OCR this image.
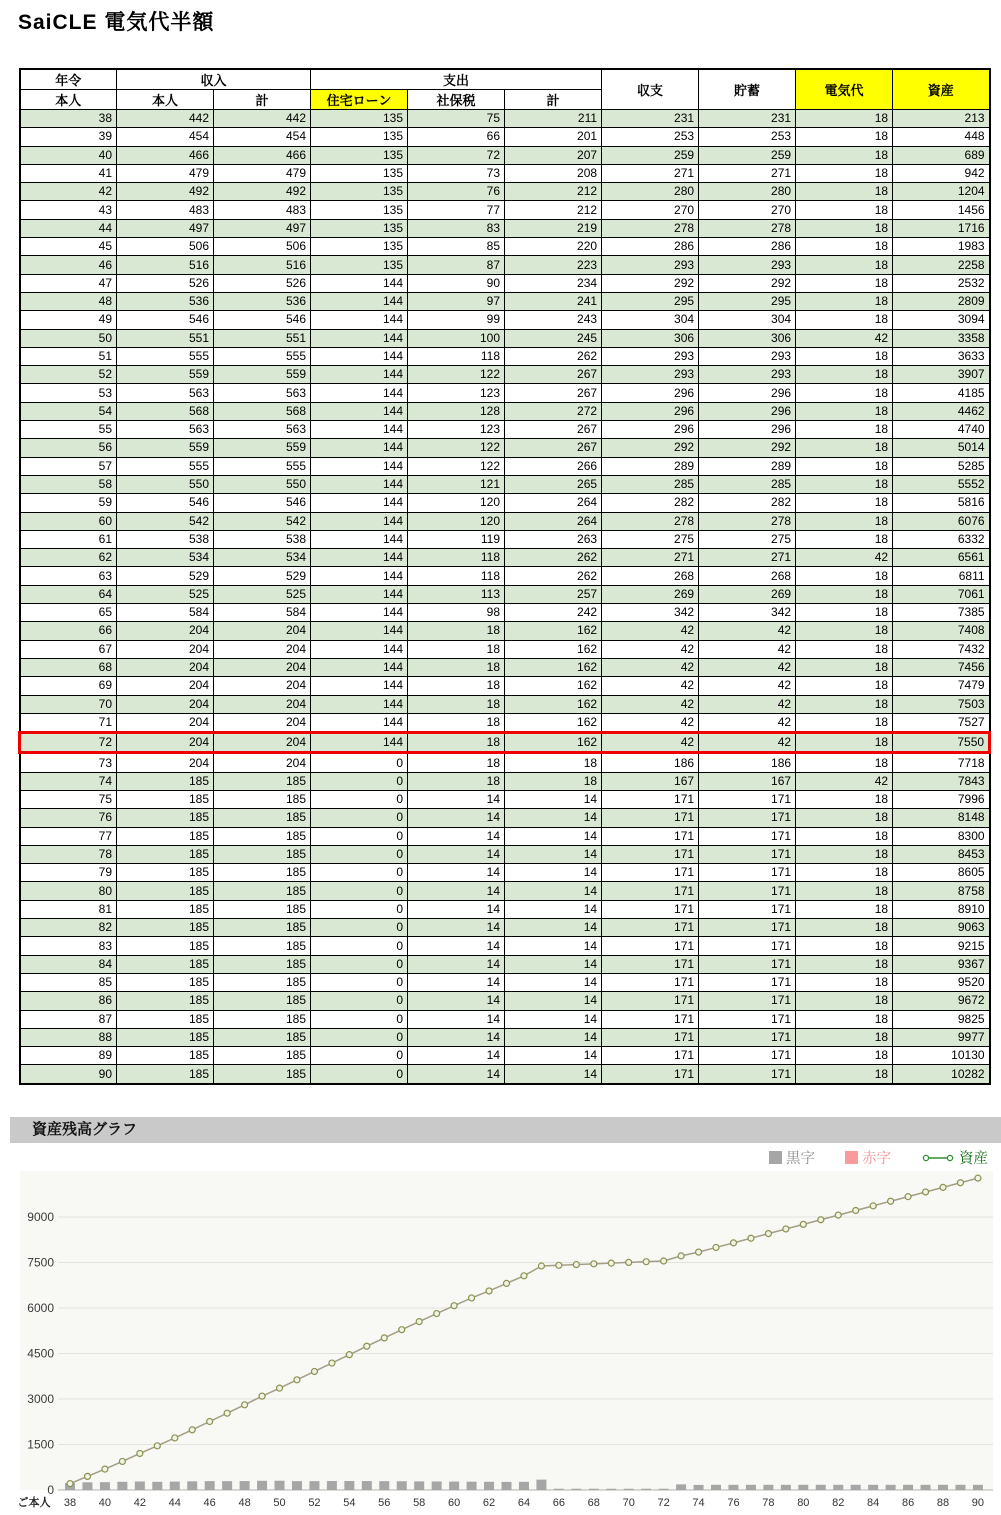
SaiCLE 電気代半額
年令	収入		支出			収支	貯蓄	電気代	資産
本人	本人	計	住宅ローン	社保税	計				
38	442	442	135	75	211	231	231	18	213
39	454	454	135	66	201	253	253	18	448
40	466	466	135	72	207	259	259	18	689
41	479	479	135	73	208	271	271	18	942
42	492	492	135	76	212	280	280	18	1204
43	483	483	135	77	212	270	270	18	1456
44	497	497	135	83	219	278	278	18	1716
45	506	506	135	85	220	286	286	18	1983
46	516	516	135	87	223	293	293	18	2258
47	526	526	144	90	234	292	292	18	2532
48	536	536	144	97	241	295	295	18	2809
49	546	546	144	99	243	304	304	18	3094
50	551	551	144	100	245	306	306	42	3358
51	555	555	144	118	262	293	293	18	3633
52	559	559	144	122	267	293	293	18	3907
53	563	563	144	123	267	296	296	18	4185
54	568	568	144	128	272	296	296	18	4462
55	563	563	144	123	267	296	296	18	4740
56	559	559	144	122	267	292	292	18	5014
57	555	555	144	122	266	289	289	18	5285
58	550	550	144	121	265	285	285	18	5552
59	546	546	144	120	264	282	282	18	5816
60	542	542	144	120	264	278	278	18	6076
61	538	538	144	119	263	275	275	18	6332
62	534	534	144	118	262	271	271	42	6561
63	529	529	144	118	262	268	268	18	6811
64	525	525	144	113	257	269	269	18	7061
65	584	584	144	98	242	342	342	18	7385
66	204	204	144	18	162	42	42	18	7408
67	204	204	144	18	162	42	42	18	7432
68	204	204	144	18	162	42	42	18	7456
69	204	204	144	18	162	42	42	18	7479
70	204	204	144	18	162	42	42	18	7503
71	204	204	144	18	162	42	42	18	7527
72	204	204	144	18	162	42	42	18	7550
73	204	204	0	18	18	186	186	18	7718
74	185	185	0	18	18	167	167	42	7843
75	185	185	0	14	14	171	171	18	7996
76	185	185	0	14	14	171	171	18	8148
77	185	185	0	14	14	171	171	18	8300
78	185	185	0	14	14	171	171	18	8453
79	185	185	0	14	14	171	171	18	8605
80	185	185	0	14	14	171	171	18	8758
81	185	185	0	14	14	171	171	18	8910
82	185	185	0	14	14	171	171	18	9063
83	185	185	0	14	14	171	171	18	9215
84	185	185	0	14	14	171	171	18	9367
85	185	185	0	14	14	171	171	18	9520
86	185	185	0	14	14	171	171	18	9672
87	185	185	0	14	14	171	171	18	9825
88	185	185	0	14	14	171	171	18	9977
89	185	185	0	14	14	171	171	18	10130
90	185	185	0	14	14	171	171	18	10282
資産残高グラフ
黒字	赤字	資産
0
1500
3000
4500
6000
7500
9000
38 40 42 44 46 48 50 52 54 56 58 60 62 64 66 68 70 72 74 76 78 80 82 84 86 88 90
ご本人
